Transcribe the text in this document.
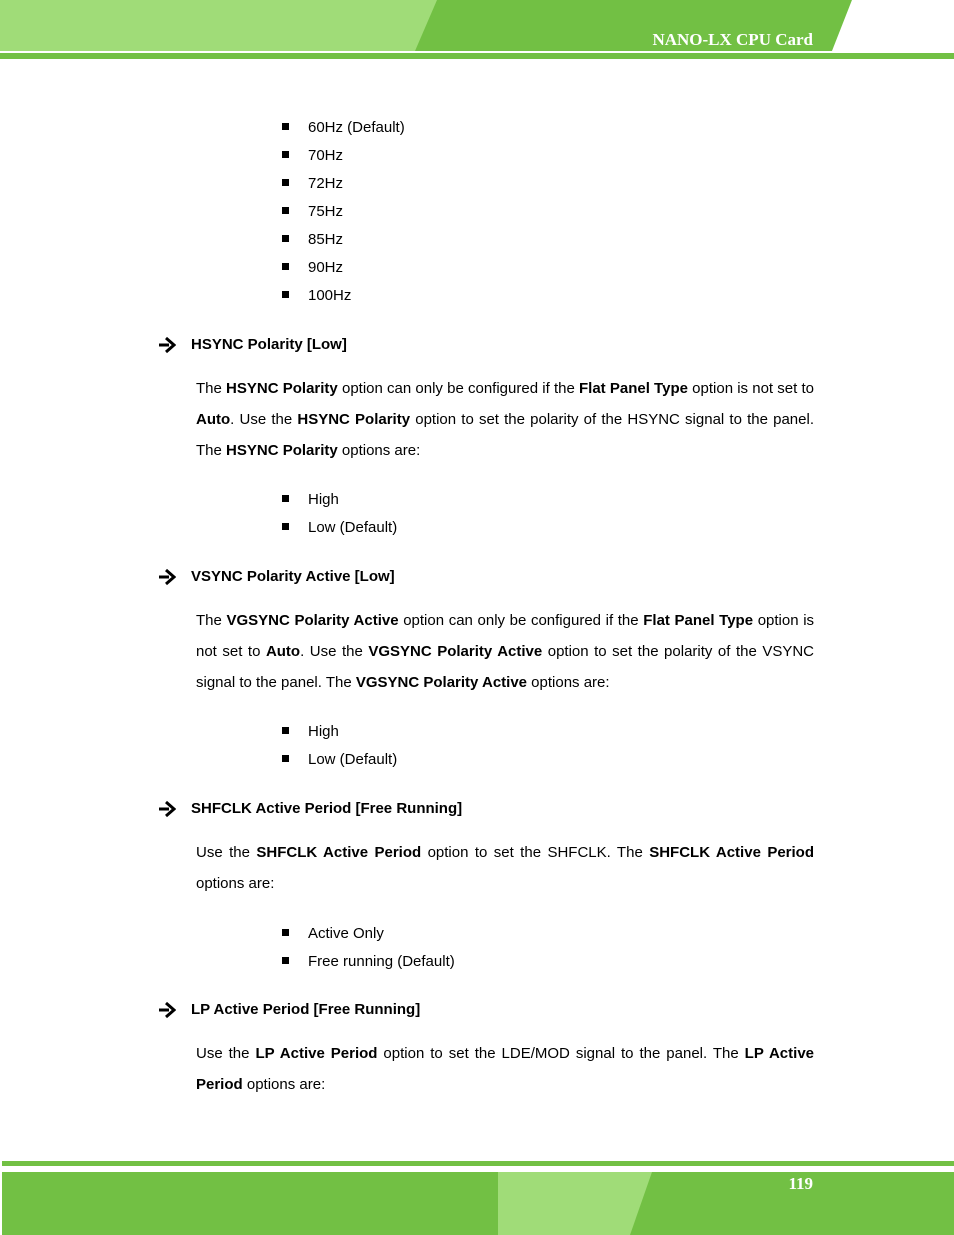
NANO-LX CPU Card
60Hz (Default)
70Hz
72Hz
75Hz
85Hz
90Hz
100Hz
HSYNC Polarity [Low]

The HSYNC Polarity option can only be configured if the Flat Panel Type option is not set to Auto. Use the HSYNC Polarity option to set the polarity of the HSYNC signal to the panel. The HSYNC Polarity options are:

High
Low (Default)
VSYNC Polarity Active [Low]

The VGSYNC Polarity Active option can only be configured if the Flat Panel Type option is not set to Auto. Use the VGSYNC Polarity Active option to set the polarity of the VSYNC signal to the panel. The VGSYNC Polarity Active options are:

High
Low (Default)
SHFCLK Active Period [Free Running]

Use the SHFCLK Active Period option to set the SHFCLK. The SHFCLK Active Period options are:

Active Only
Free running (Default)
LP Active Period [Free Running]

Use the LP Active Period option to set the LDE/MOD signal to the panel. The LP Active Period options are:

119
